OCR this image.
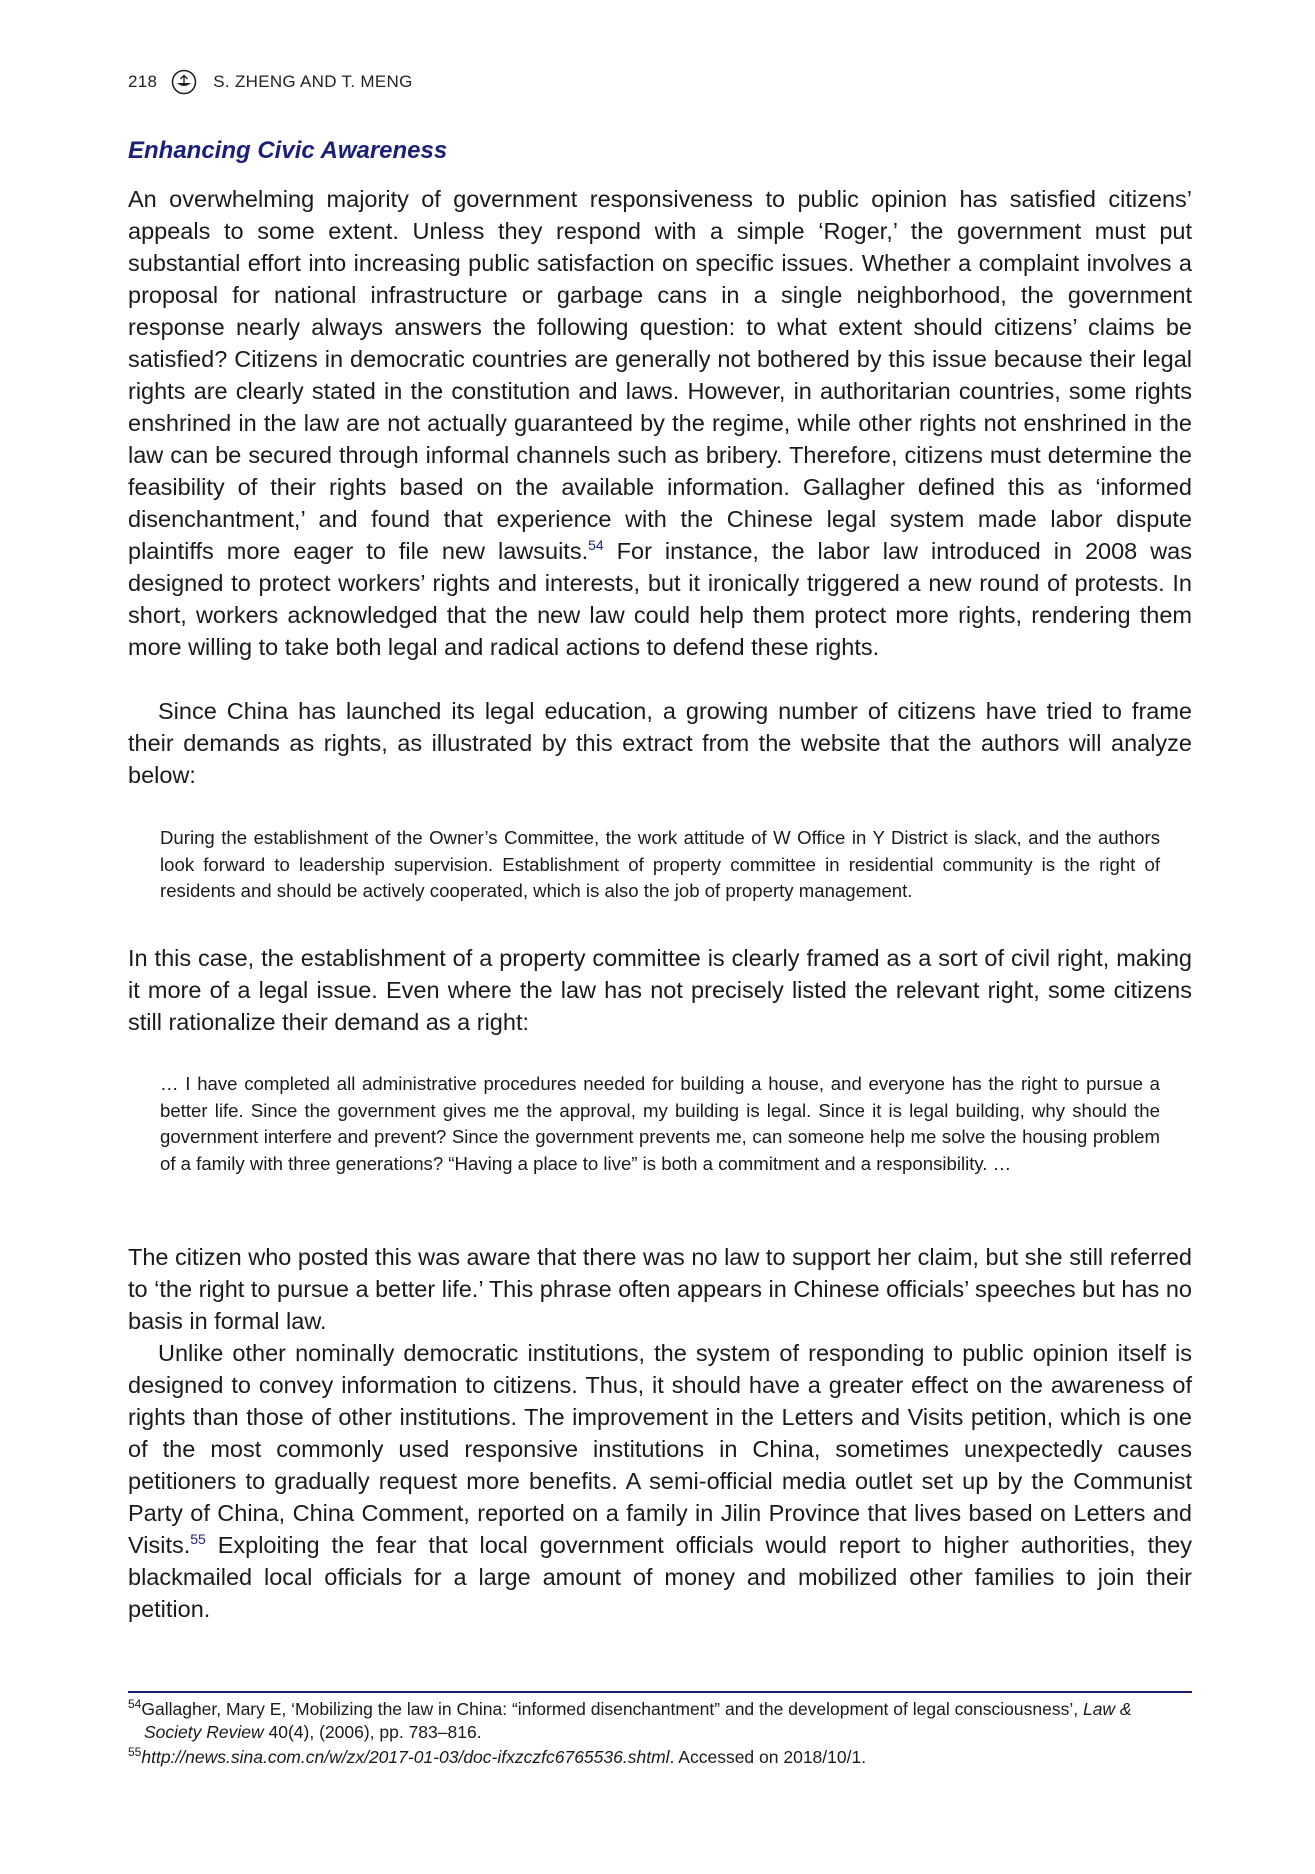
218	S. ZHENG AND T. MENG
Enhancing Civic Awareness

An overwhelming majority of government responsiveness to public opinion has satisfied citizens’ appeals to some extent. Unless they respond with a simple ‘Roger,’ the government must put substantial effort into increasing public satisfaction on specific issues. Whether a complaint involves a proposal for national infrastructure or garbage cans in a single neighborhood, the government response nearly always answers the following question: to what extent should citizens’ claims be satisfied? Citizens in democratic countries are generally not bothered by this issue because their legal rights are clearly stated in the constitution and laws. However, in authoritarian countries, some rights enshrined in the law are not actually guaranteed by the regime, while other rights not enshrined in the law can be secured through informal channels such as bribery. Therefore, citizens must determine the feasibility of their rights based on the available information. Gallagher defined this as ‘informed disenchantment,’ and found that experience with the Chinese legal system made labor dispute plaintiffs more eager to file new lawsuits.$^{54}$ For instance, the labor law introduced in 2008 was designed to protect workers’ rights and interests, but it ironically triggered a new round of protests. In short, workers acknowledged that the new law could help them protect more rights, rendering them more willing to take both legal and radical actions to defend these rights.

Since China has launched its legal education, a growing number of citizens have tried to frame their demands as rights, as illustrated by this extract from the website that the authors will analyze below:

During the establishment of the Owner’s Committee, the work attitude of W Office in Y District is slack, and the authors look forward to leadership supervision. Establishment of property committee in residential community is the right of residents and should be actively cooperated, which is also the job of property management.

In this case, the establishment of a property committee is clearly framed as a sort of civil right, making it more of a legal issue. Even where the law has not precisely listed the relevant right, some citizens still rationalize their demand as a right:

… I have completed all administrative procedures needed for building a house, and everyone has the right to pursue a better life. Since the government gives me the approval, my building is legal. Since it is legal building, why should the government interfere and prevent? Since the government prevents me, can someone help me solve the housing problem of a family with three generations? “Having a place to live” is both a commitment and a responsibility. …

The citizen who posted this was aware that there was no law to support her claim, but she still referred to ‘the right to pursue a better life.’ This phrase often appears in Chinese officials’ speeches but has no basis in formal law.

Unlike other nominally democratic institutions, the system of responding to public opinion itself is designed to convey information to citizens. Thus, it should have a greater effect on the awareness of rights than those of other institutions. The improvement in the Letters and Visits petition, which is one of the most commonly used responsive institutions in China, sometimes unexpectedly causes petitioners to gradually request more benefits. A semi-official media outlet set up by the Communist Party of China, China Comment, reported on a family in Jilin Province that lives based on Letters and Visits.$^{55}$ Exploiting the fear that local government officials would report to higher authorities, they blackmailed local officials for a large amount of money and mobilized other families to join their petition.

$^{54}$Gallagher, Mary E, ‘Mobilizing the law in China: “informed disenchantment” and the development of legal consciousness’, Law &
Society Review 40(4), (2006), pp. 783–816.

$^{55}$http://news.sina.com.cn/w/zx/2017-01-03/doc-ifxzczfc6765536.shtml. Accessed on 2018/10/1.
